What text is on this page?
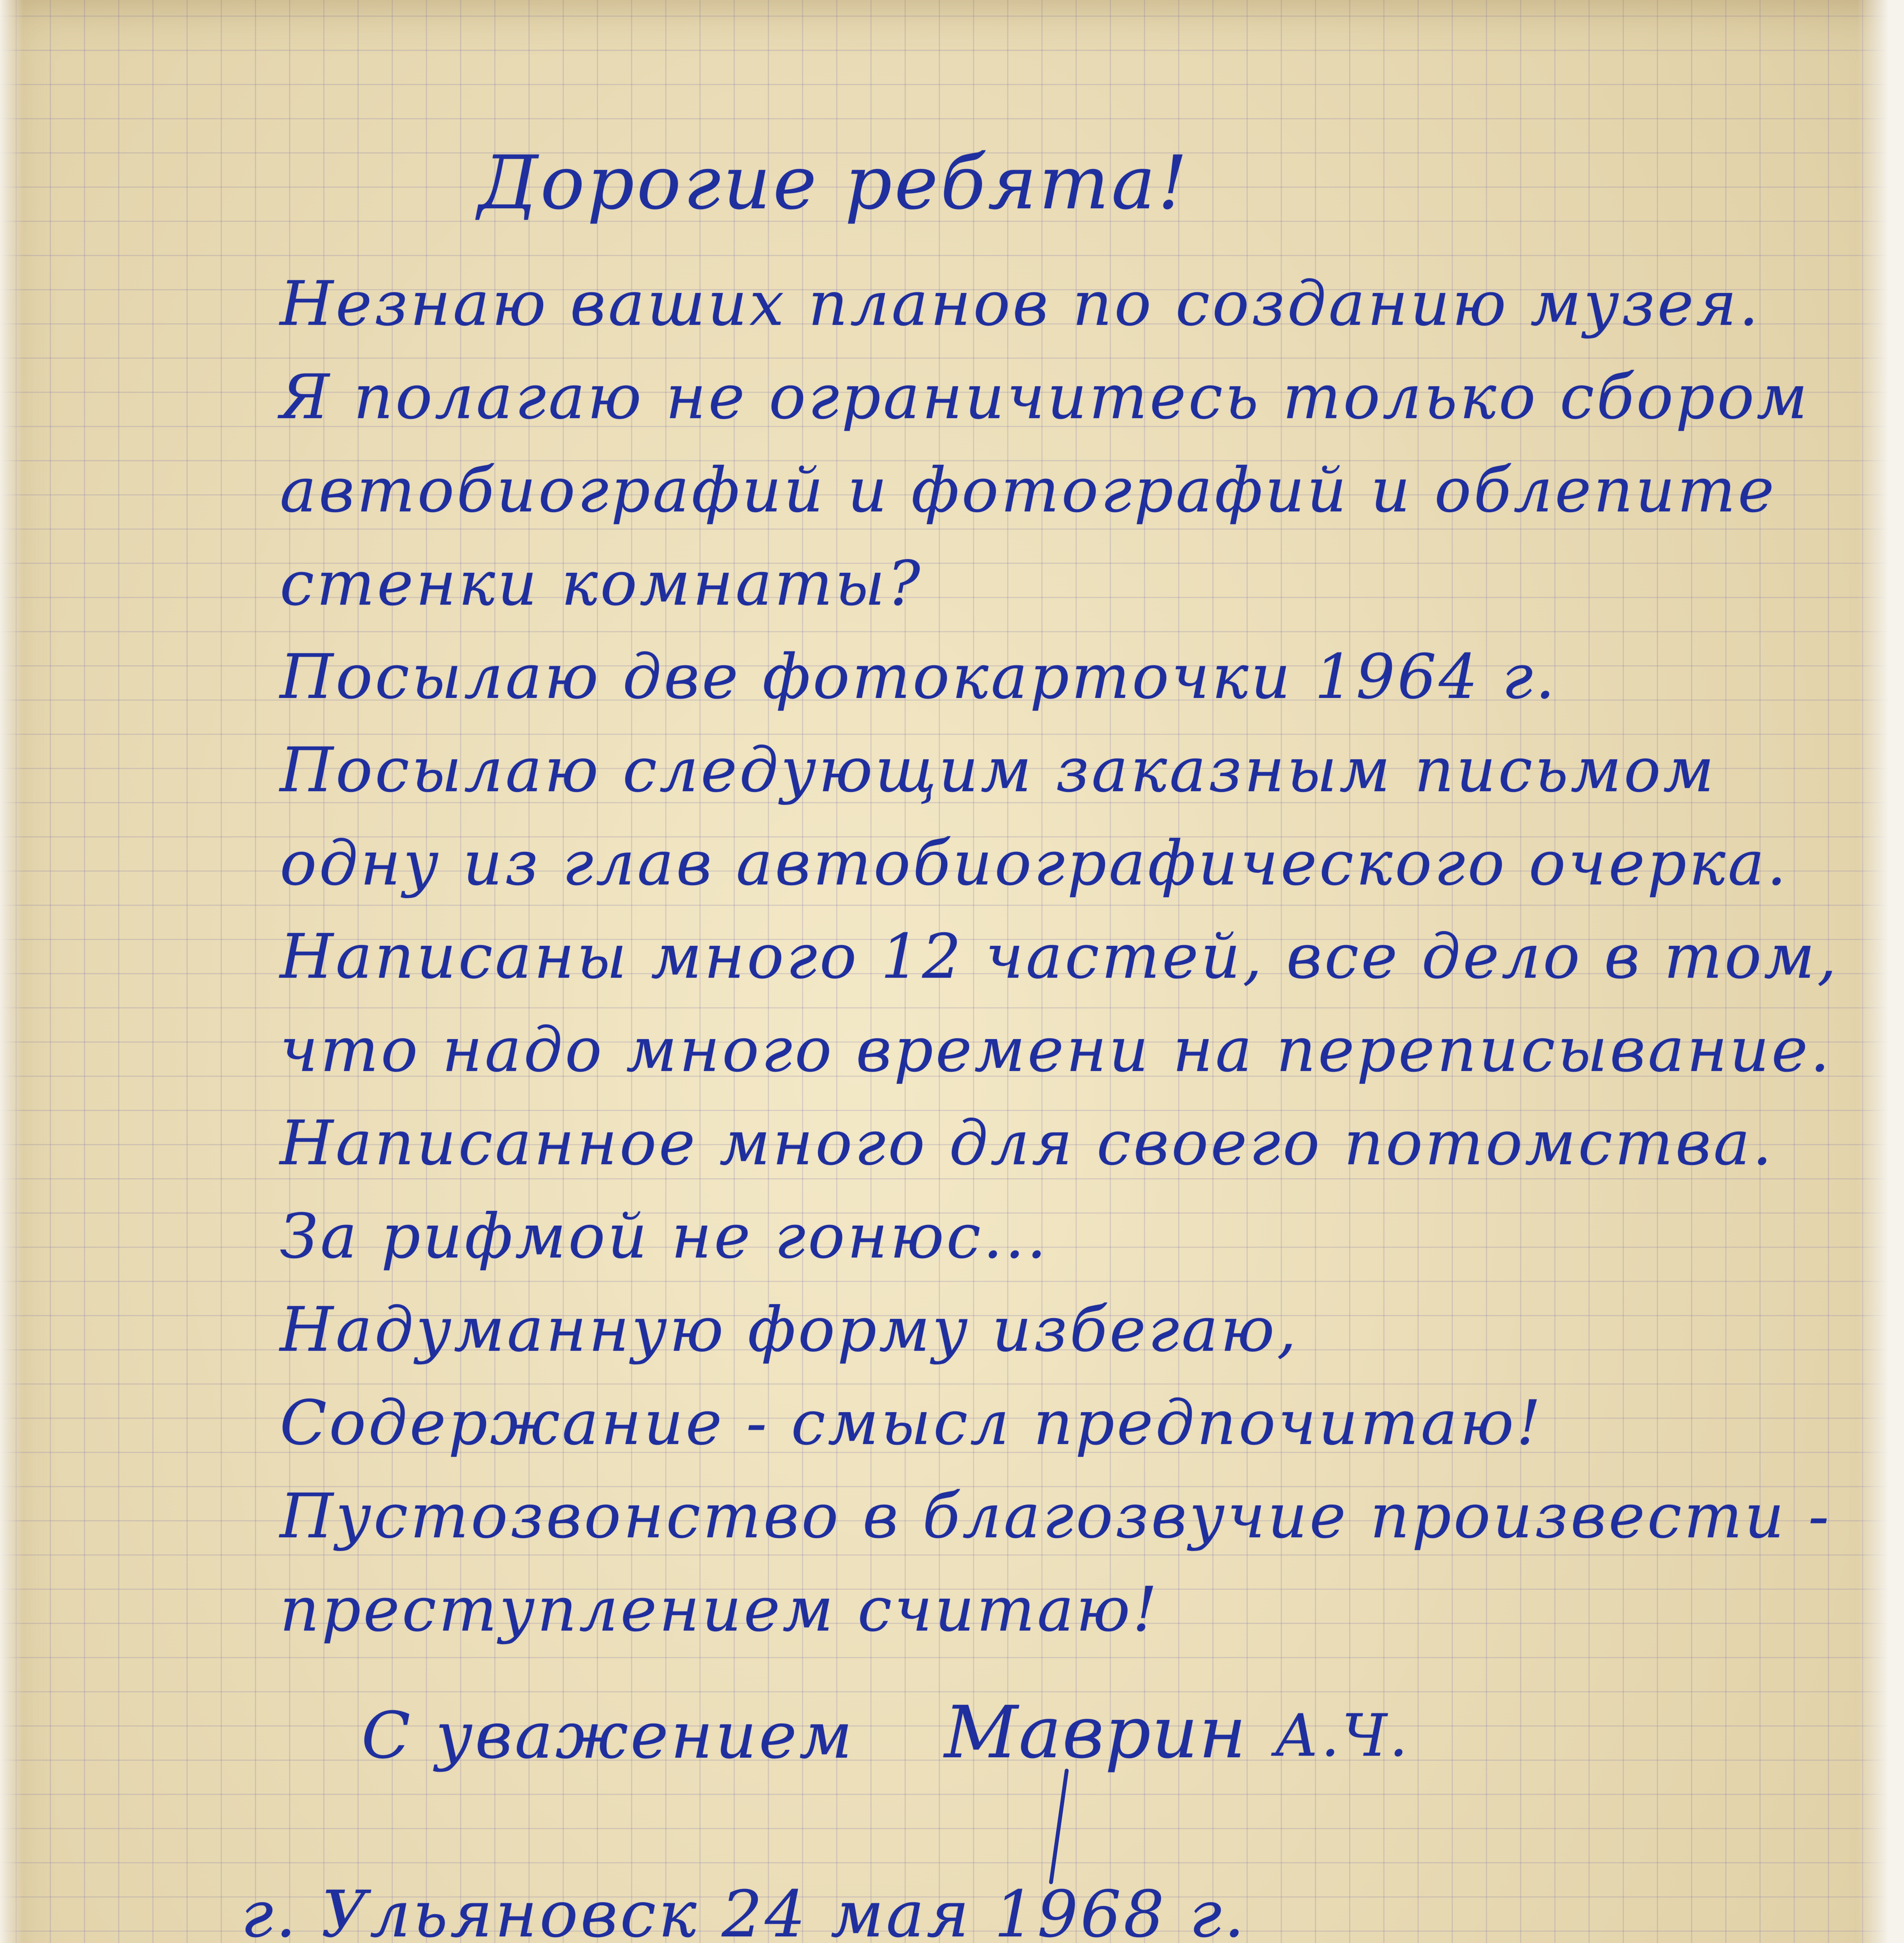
Дорогие ребята!

Незнаю ваших планов по созданию музея.

Я полагаю не ограничитесь только сбором

автобиографий и фотографий и облепите

стенки комнаты?

Посылаю две фотокарточки 1964 г.

Посылаю следующим заказным письмом

одну из глав автобиографического очерка.

Написаны много 12 частей, все дело в том,

что надо много времени на переписывание.

Написанное много для своего потомства.

За рифмой не гонюс...

Надуманную форму избегаю,

Содержание - смысл предпочитаю!

Пустозвонство в благозвучие произвести -

преступлением считаю!

С уважением Маврин А.Ч.

г. Ульяновск 24 мая 1968 г.
